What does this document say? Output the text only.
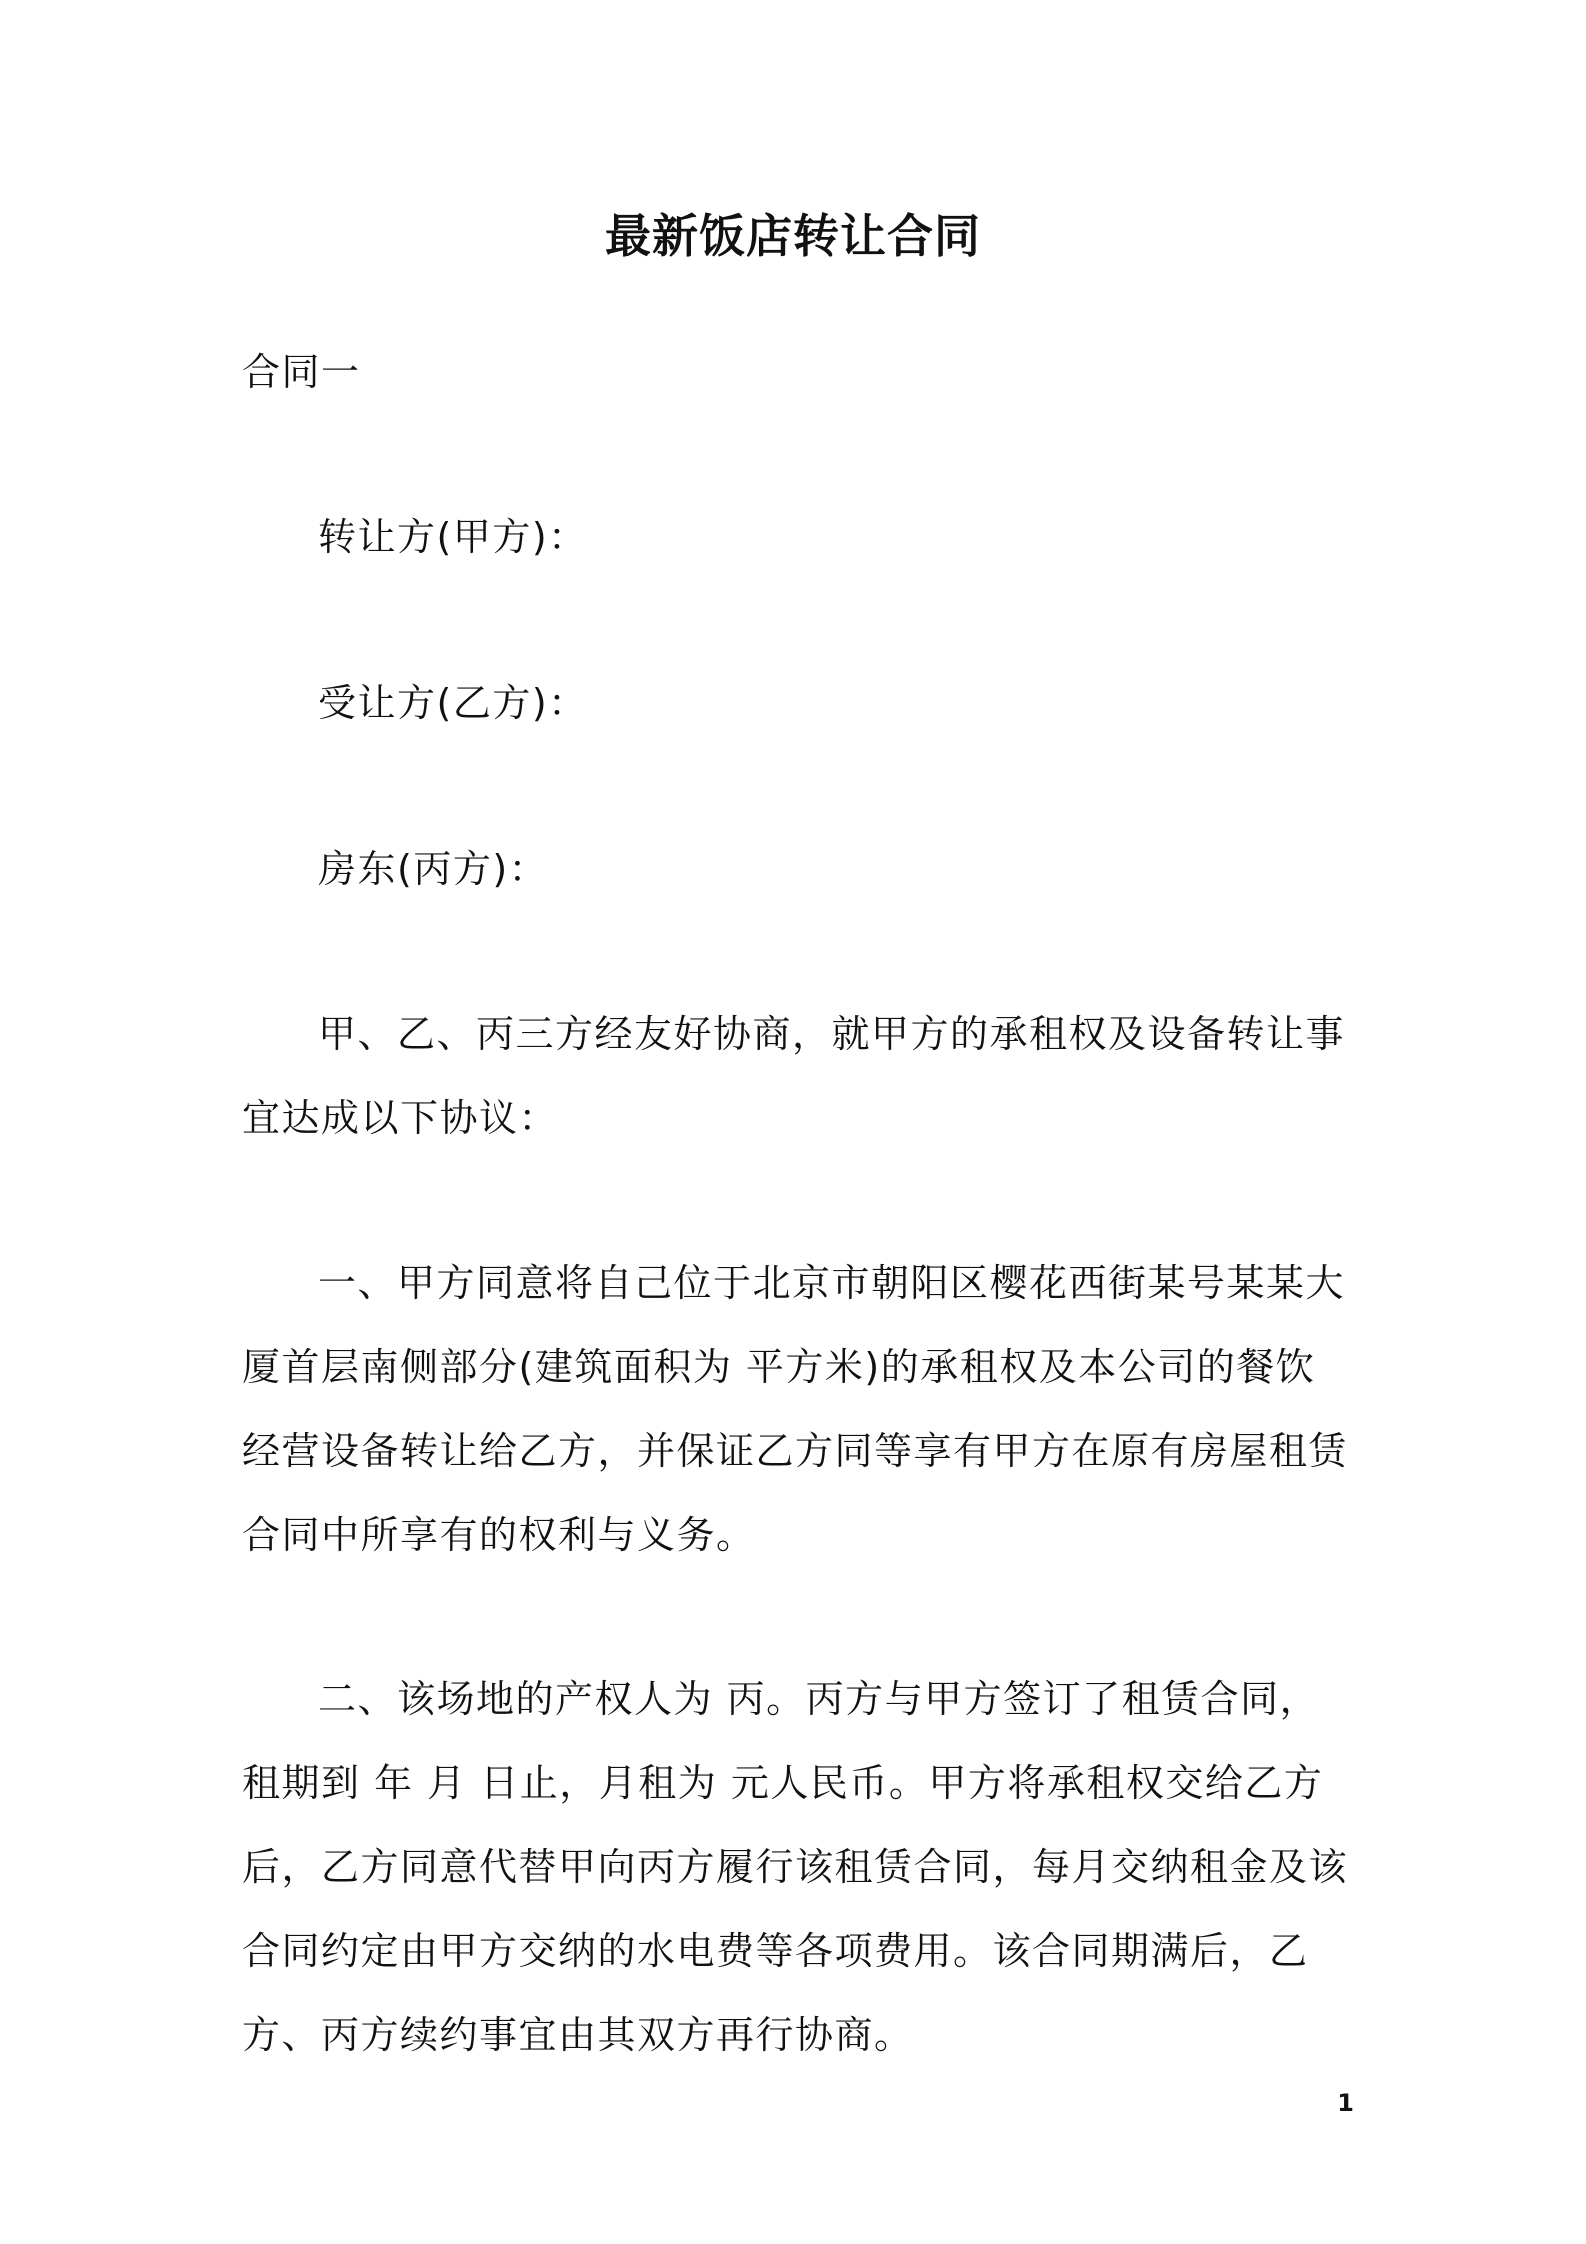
最新饭店转让合同

合同一

转让方(甲方)：

受让方(乙方)：

房东(丙方)：

甲、乙、丙三方经友好协商，就甲方的承租权及设备转让事宜达成以下协议：

一、甲方同意将自己位于北京市朝阳区樱花西街某号某某大厦首层南侧部分(建筑面积为 平方米)的承租权及本公司的餐饮经营设备转让给乙方，并保证乙方同等享有甲方在原有房屋租赁合同中所享有的权利与义务。

二、该场地的产权人为 丙。丙方与甲方签订了租赁合同，租期到 年 月 日止，月租为 元人民币。甲方将承租权交给乙方后，乙方同意代替甲向丙方履行该租赁合同，每月交纳租金及该合同约定由甲方交纳的水电费等各项费用。该合同期满后，乙方、丙方续约事宜由其双方再行协商。

1
